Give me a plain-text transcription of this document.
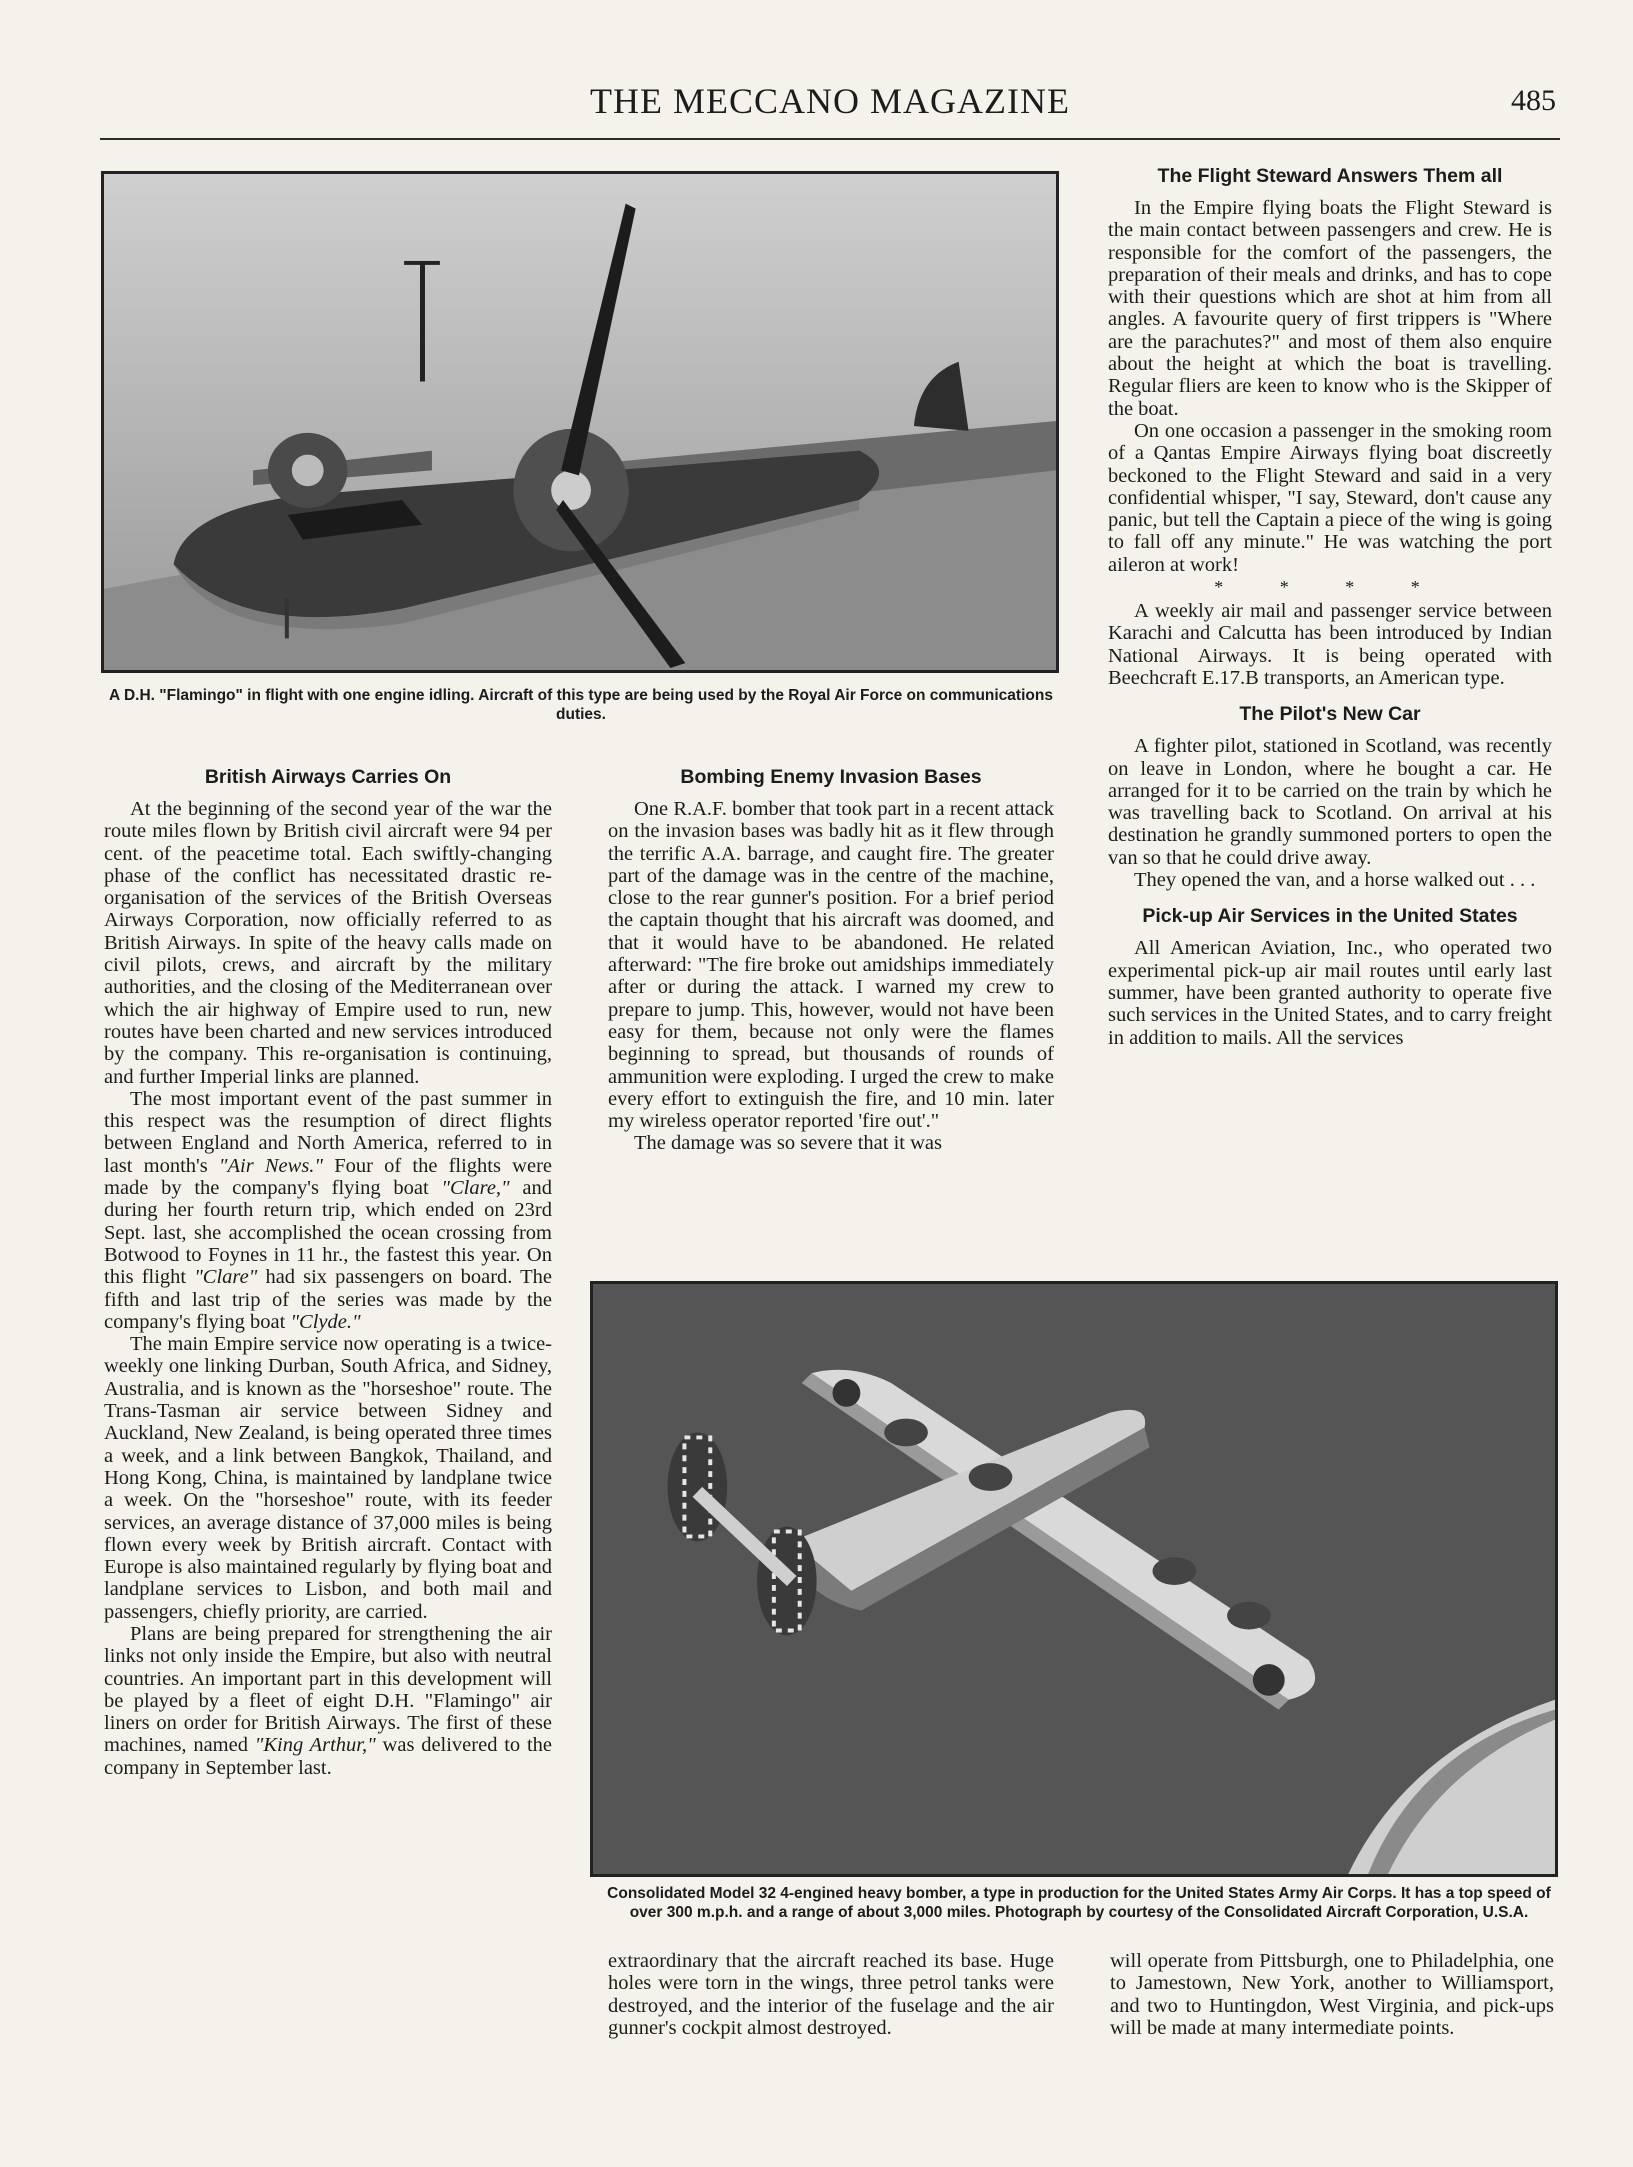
THE MECCANO MAGAZINE	485
A D.H. "Flamingo" in flight with one engine idling. Aircraft of this type are being used by the Royal Air Force on communications duties.
British Airways Carries On

At the beginning of the second year of the war the route miles flown by British civil aircraft were 94 per cent. of the peacetime total. Each swiftly-changing phase of the conflict has necessitated drastic re-organisation of the services of the British Overseas Airways Corporation, now officially referred to as British Airways. In spite of the heavy calls made on civil pilots, crews, and aircraft by the military authorities, and the closing of the Mediterranean over which the air highway of Empire used to run, new routes have been charted and new services introduced by the company. This re-organisation is continuing, and further Imperial links are planned.

The most important event of the past summer in this respect was the resumption of direct flights between England and North America, referred to in last month's "Air News." Four of the flights were made by the company's flying boat "Clare," and during her fourth return trip, which ended on 23rd Sept. last, she accomplished the ocean crossing from Botwood to Foynes in 11 hr., the fastest this year. On this flight "Clare" had six passengers on board. The fifth and last trip of the series was made by the company's flying boat "Clyde."

The main Empire service now operating is a twice-weekly one linking Durban, South Africa, and Sidney, Australia, and is known as the "horseshoe" route. The Trans-Tasman air service between Sidney and Auckland, New Zealand, is being operated three times a week, and a link between Bangkok, Thailand, and Hong Kong, China, is maintained by landplane twice a week. On the "horseshoe" route, with its feeder services, an average distance of 37,000 miles is being flown every week by British aircraft. Contact with Europe is also maintained regularly by flying boat and landplane services to Lisbon, and both mail and passengers, chiefly priority, are carried.

Plans are being prepared for strengthening the air links not only inside the Empire, but also with neutral countries. An important part in this development will be played by a fleet of eight D.H. "Flamingo" air liners on order for British Airways. The first of these machines, named "King Arthur," was delivered to the company in September last.

Bombing Enemy Invasion Bases

One R.A.F. bomber that took part in a recent attack on the invasion bases was badly hit as it flew through the terrific A.A. barrage, and caught fire. The greater part of the damage was in the centre of the machine, close to the rear gunner's position. For a brief period the captain thought that his aircraft was doomed, and that it would have to be abandoned. He related afterward: "The fire broke out amidships immediately after or during the attack. I warned my crew to prepare to jump. This, however, would not have been easy for them, because not only were the flames beginning to spread, but thousands of rounds of ammunition were exploding. I urged the crew to make every effort to extinguish the fire, and 10 min. later my wireless operator reported 'fire out'."

The damage was so severe that it was

The Flight Steward Answers Them all

In the Empire flying boats the Flight Steward is the main contact between passengers and crew. He is responsible for the comfort of the passengers, the preparation of their meals and drinks, and has to cope with their questions which are shot at him from all angles. A favourite query of first trippers is "Where are the parachutes?" and most of them also enquire about the height at which the boat is travelling. Regular fliers are keen to know who is the Skipper of the boat.

On one occasion a passenger in the smoking room of a Qantas Empire Airways flying boat discreetly beckoned to the Flight Steward and said in a very confidential whisper, "I say, Steward, don't cause any panic, but tell the Captain a piece of the wing is going to fall off any minute." He was watching the port aileron at work!

* * * *

A weekly air mail and passenger service between Karachi and Calcutta has been introduced by Indian National Airways. It is being operated with Beechcraft E.17.B transports, an American type.

The Pilot's New Car

A fighter pilot, stationed in Scotland, was recently on leave in London, where he bought a car. He arranged for it to be carried on the train by which he was travelling back to Scotland. On arrival at his destination he grandly summoned porters to open the van so that he could drive away.

They opened the van, and a horse walked out . . .

Pick-up Air Services in the United States

All American Aviation, Inc., who operated two experimental pick-up air mail routes until early last summer, have been granted authority to operate five such services in the United States, and to carry freight in addition to mails. All the services

Consolidated Model 32 4-engined heavy bomber, a type in production for the United States Army Air Corps. It has a top speed of over 300 m.p.h. and a range of about 3,000 miles. Photograph by courtesy of the Consolidated Aircraft Corporation, U.S.A.

extraordinary that the aircraft reached its base. Huge holes were torn in the wings, three petrol tanks were destroyed, and the interior of the fuselage and the air gunner's cockpit almost destroyed.

will operate from Pittsburgh, one to Philadelphia, one to Jamestown, New York, another to Williamsport, and two to Huntingdon, West Virginia, and pick-ups will be made at many intermediate points.
